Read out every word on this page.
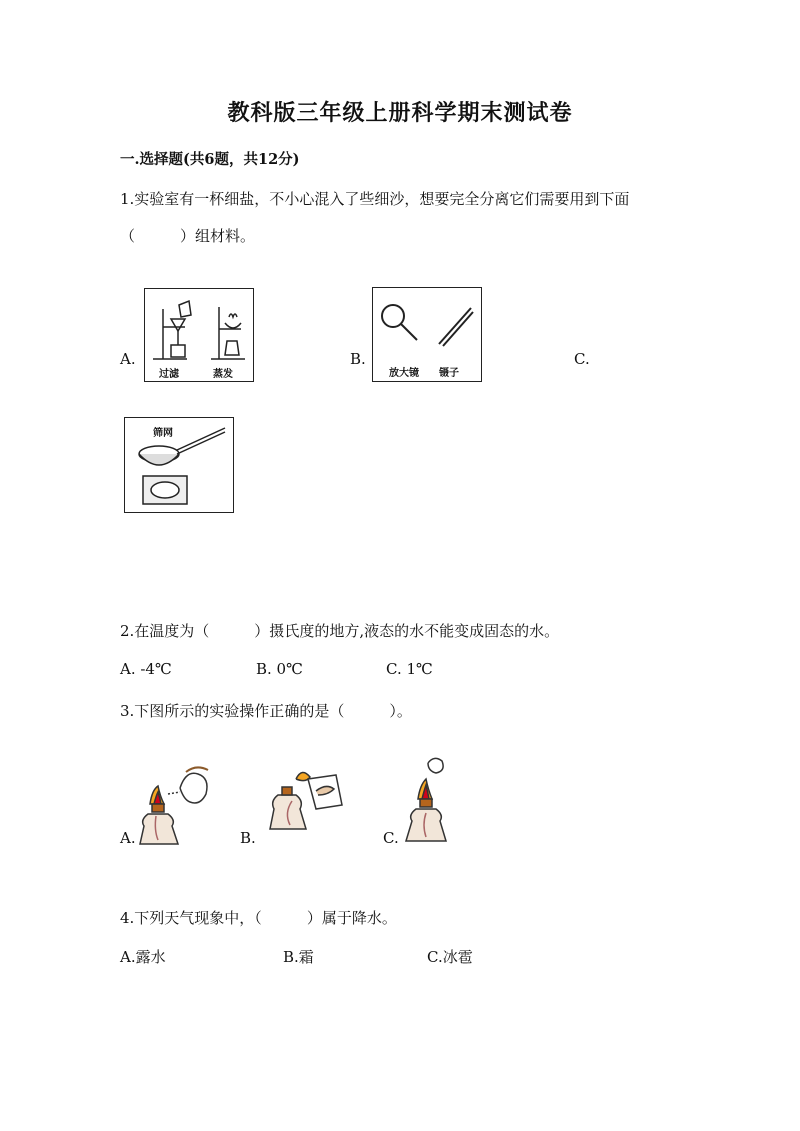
教科版三年级上册科学期末测试卷
一.选择题(共6题，共12分)
1.实验室有一杯细盐，不小心混入了些细沙，想要完全分离它们需要用到下面
（　　　）组材料。
A.
过滤	蒸发
B.
放大镜 镊子
C.
筛网
2.在温度为（　　　）摄氏度的地方,液态的水不能变成固态的水。
A. -4℃	B. 0℃	C. 1℃
3.下图所示的实验操作正确的是（　　　）。
A.	B.	C.
4.下列天气现象中，（　　　）属于降水。
A.露水	B.霜	C.冰雹
